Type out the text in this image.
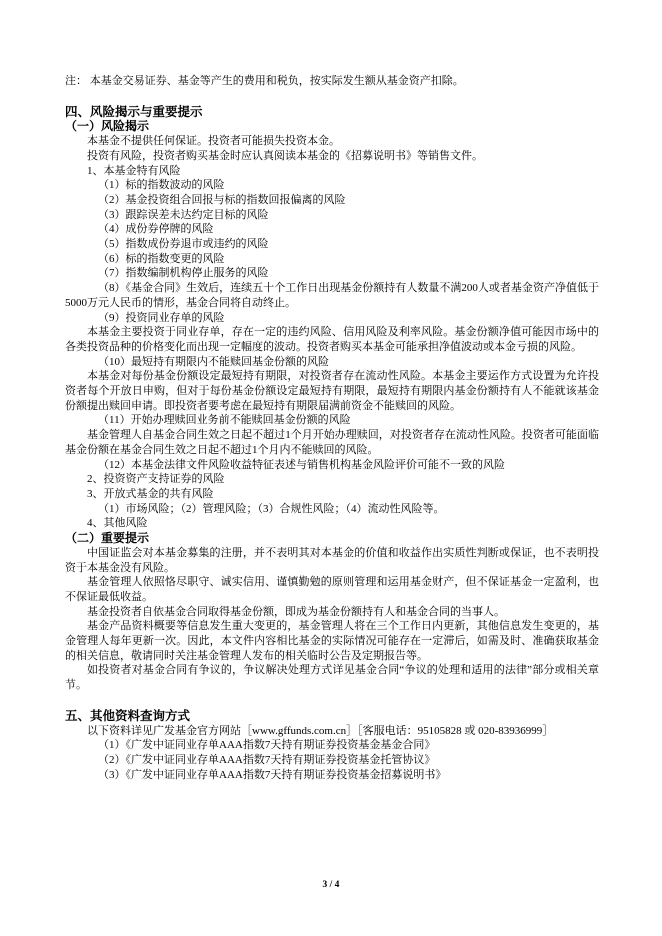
注： 本基金交易证券、基金等产生的费用和税负，按实际发生额从基金资产扣除。

四、风险揭示与重要提示

（一）风险揭示

本基金不提供任何保证。投资者可能损失投资本金。

投资有风险，投资者购买基金时应认真阅读本基金的《招募说明书》等销售文件。

1、本基金特有风险

（1）标的指数波动的风险

（2）基金投资组合回报与标的指数回报偏离的风险

（3）跟踪误差未达约定目标的风险

（4）成份券停牌的风险

（5）指数成份券退市或违约的风险

（6）标的指数变更的风险

（7）指数编制机构停止服务的风险

（8）《基金合同》生效后，连续五十个工作日出现基金份额持有人数量不满200人或者基金资产净值低于5000万元人民币的情形，基金合同将自动终止。

（9）投资同业存单的风险

本基金主要投资于同业存单，存在一定的违约风险、信用风险及利率风险。基金份额净值可能因市场中的各类投资品种的价格变化而出现一定幅度的波动。投资者购买本基金可能承担净值波动或本金亏损的风险。

（10）最短持有期限内不能赎回基金份额的风险

本基金对每份基金份额设定最短持有期限，对投资者存在流动性风险。本基金主要运作方式设置为允许投资者每个开放日申购，但对于每份基金份额设定最短持有期限，最短持有期限内基金份额持有人不能就该基金份额提出赎回申请。即投资者要考虑在最短持有期限届满前资金不能赎回的风险。

（11）开始办理赎回业务前不能赎回基金份额的风险

基金管理人自基金合同生效之日起不超过1个月开始办理赎回，对投资者存在流动性风险。投资者可能面临基金份额在基金合同生效之日起不超过1个月内不能赎回的风险。

（12）本基金法律文件风险收益特征表述与销售机构基金风险评价可能不一致的风险

2、投资资产支持证券的风险

3、开放式基金的共有风险

（1）市场风险；（2）管理风险；（3）合规性风险；（4）流动性风险等。

4、其他风险

（二）重要提示

中国证监会对本基金募集的注册，并不表明其对本基金的价值和收益作出实质性判断或保证，也不表明投资于本基金没有风险。

基金管理人依照恪尽职守、诚实信用、谨慎勤勉的原则管理和运用基金财产，但不保证基金一定盈利，也不保证最低收益。

基金投资者自依基金合同取得基金份额，即成为基金份额持有人和基金合同的当事人。

基金产品资料概要等信息发生重大变更的，基金管理人将在三个工作日内更新，其他信息发生变更的，基金管理人每年更新一次。因此，本文件内容相比基金的实际情况可能存在一定滞后，如需及时、准确获取基金的相关信息，敬请同时关注基金管理人发布的相关临时公告及定期报告等。

如投资者对基金合同有争议的，争议解决处理方式详见基金合同“争议的处理和适用的法律”部分或相关章节。

五、其他资料查询方式

以下资料详见广发基金官方网站［www.gffunds.com.cn］［客服电话：95105828 或 020-83936999］

（1）《广发中证同业存单AAA指数7天持有期证券投资基金基金合同》

（2）《广发中证同业存单AAA指数7天持有期证券投资基金托管协议》

（3）《广发中证同业存单AAA指数7天持有期证券投资基金招募说明书》

3 / 4
